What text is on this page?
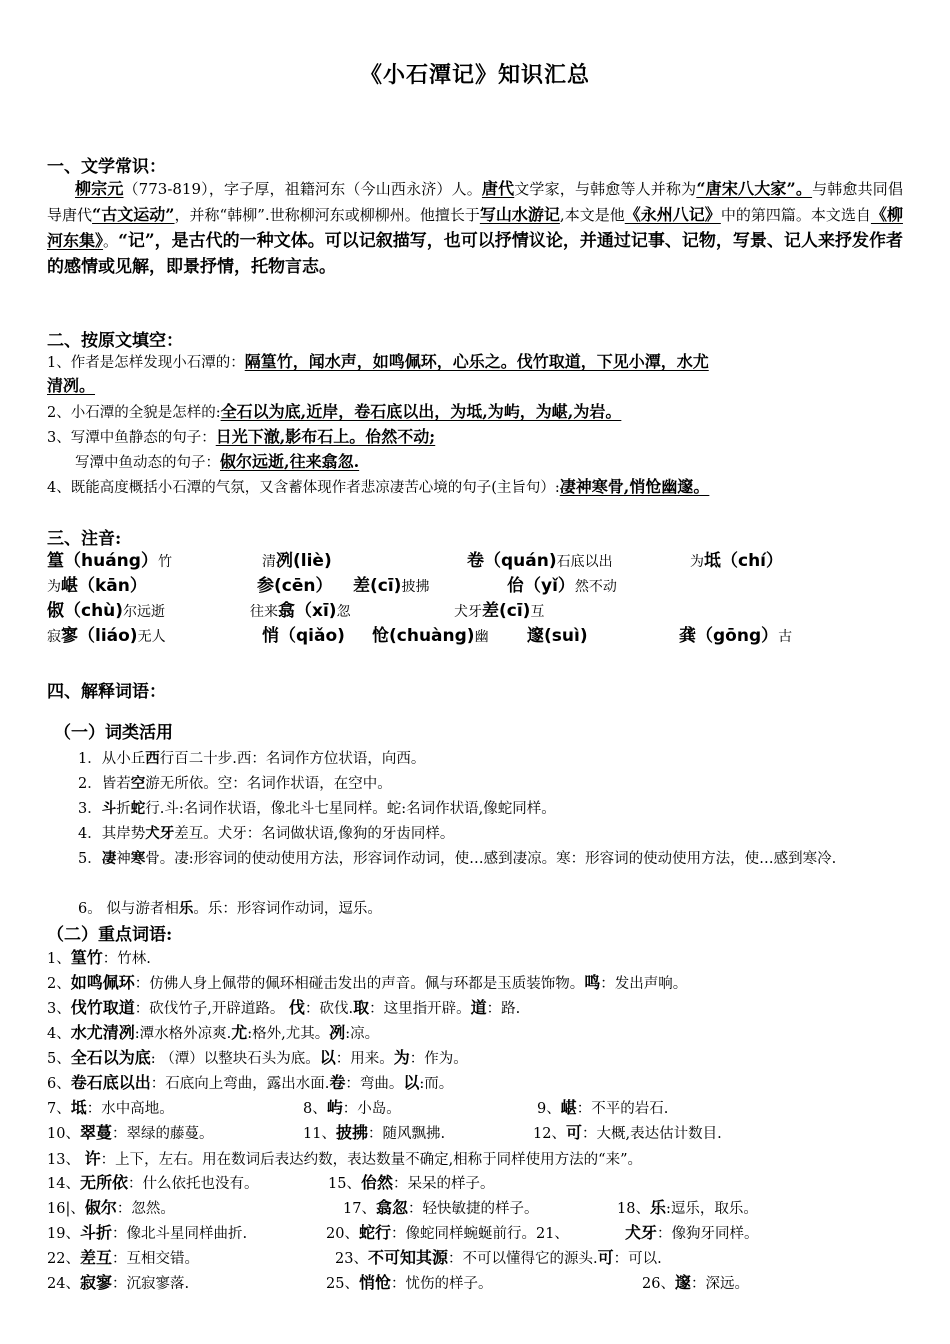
《小石潭记》知识汇总
一、文学常识：
柳宗元（773-819），字子厚，祖籍河东（今山西永济）人。唐代文学家，与韩愈等人并称为“唐宋八大家”。与韩愈共同倡导唐代“古文运动”，并称“韩柳”.世称柳河东或柳柳州。他擅长于写山水游记,本文是他《永州八记》中的第四篇。本文选自《柳河东集》。“记”，是古代的一种文体。可以记叙描写，也可以抒情议论，并通过记事、记物，写景、记人来抒发作者的感情或见解，即景抒情，托物言志。
二、按原文填空：
1、作者是怎样发现小石潭的：隔篁竹，闻水声，如鸣佩环，心乐之。伐竹取道，下见小潭，水尤
清冽。
2、小石潭的全貌是怎样的:全石以为底,近岸，卷石底以出，为坻,为屿，为嵁,为岩。
3、写潭中鱼静态的句子：日光下澈,影布石上。佁然不动;
写潭中鱼动态的句子：俶尔远逝,往来翕忽.
4、既能高度概括小石潭的气氛，又含蓄体现作者悲凉凄苦心境的句子(主旨句）:凄神寒骨,悄怆幽邃。
三、注音:
篁（huáng）竹	清冽(liè)	卷（quán)石底以出	为坻（chí）
为嵁（kān）	参(cēn） 差(cī)披拂	佁（yǐ）然不动
俶（chù)尔远逝	往来翕（xī)忽	犬牙差(cī)互
寂寥（liáo)无人	悄（qiǎo) 怆(chuàng)幽 邃(suì)	龚（gōng）古
四、解释词语：
（一）词类活用
1．从小丘西行百二十步.西：名词作方位状语，向西。
2．皆若空游无所依。空：名词作状语，在空中。
3．斗折蛇行.斗:名词作状语，像北斗七星同样。蛇:名词作状语,像蛇同样。
4．其岸势犬牙差互。犬牙：名词做状语,像狗的牙齿同样。
5．凄神寒骨。凄:形容词的使动使用方法，形容词作动词，使…感到凄凉。寒：形容词的使动使用方法，使…感到寒冷.
6。 似与游者相乐。乐：形容词作动词，逗乐。
（二）重点词语:
1、篁竹：竹林.
2、如鸣佩环：仿佛人身上佩带的佩环相碰击发出的声音。佩与环都是玉质装饰物。鸣：发出声响。
3、伐竹取道：砍伐竹子,开辟道路。 伐：砍伐.取：这里指开辟。道：路.
4、水尤清冽:潭水格外凉爽.尤:格外,尤其。冽:凉。
5、全石以为底: （潭）以整块石头为底。以：用来。为：作为。
6、卷石底以出：石底向上弯曲，露出水面.卷：弯曲。以:而。
7、坻：水中高地。	8、屿：小岛。	9、嵁：不平的岩石.
10、翠蔓：翠绿的藤蔓。	11、披拂：随风飘拂.	12、可：大概,表达估计数目.
13、 许：上下，左右。用在数词后表达约数，表达数量不确定,相称于同样使用方法的“来”。
14、无所依：什么依托也没有。	15、佁然：呆呆的样子。
16|、俶尔：忽然。	17、翕忽：轻快敏捷的样子。	18、乐:逗乐，取乐。
19、斗折：像北斗星同样曲折.	20、蛇行：像蛇同样蜿蜒前行。21、	犬牙：像狗牙同样。
22、差互：互相交错。	23、不可知其源：不可以懂得它的源头.可：可以.
24、寂寥：沉寂寥落.	25、悄怆：忧伤的样子。	26、邃：深远。
